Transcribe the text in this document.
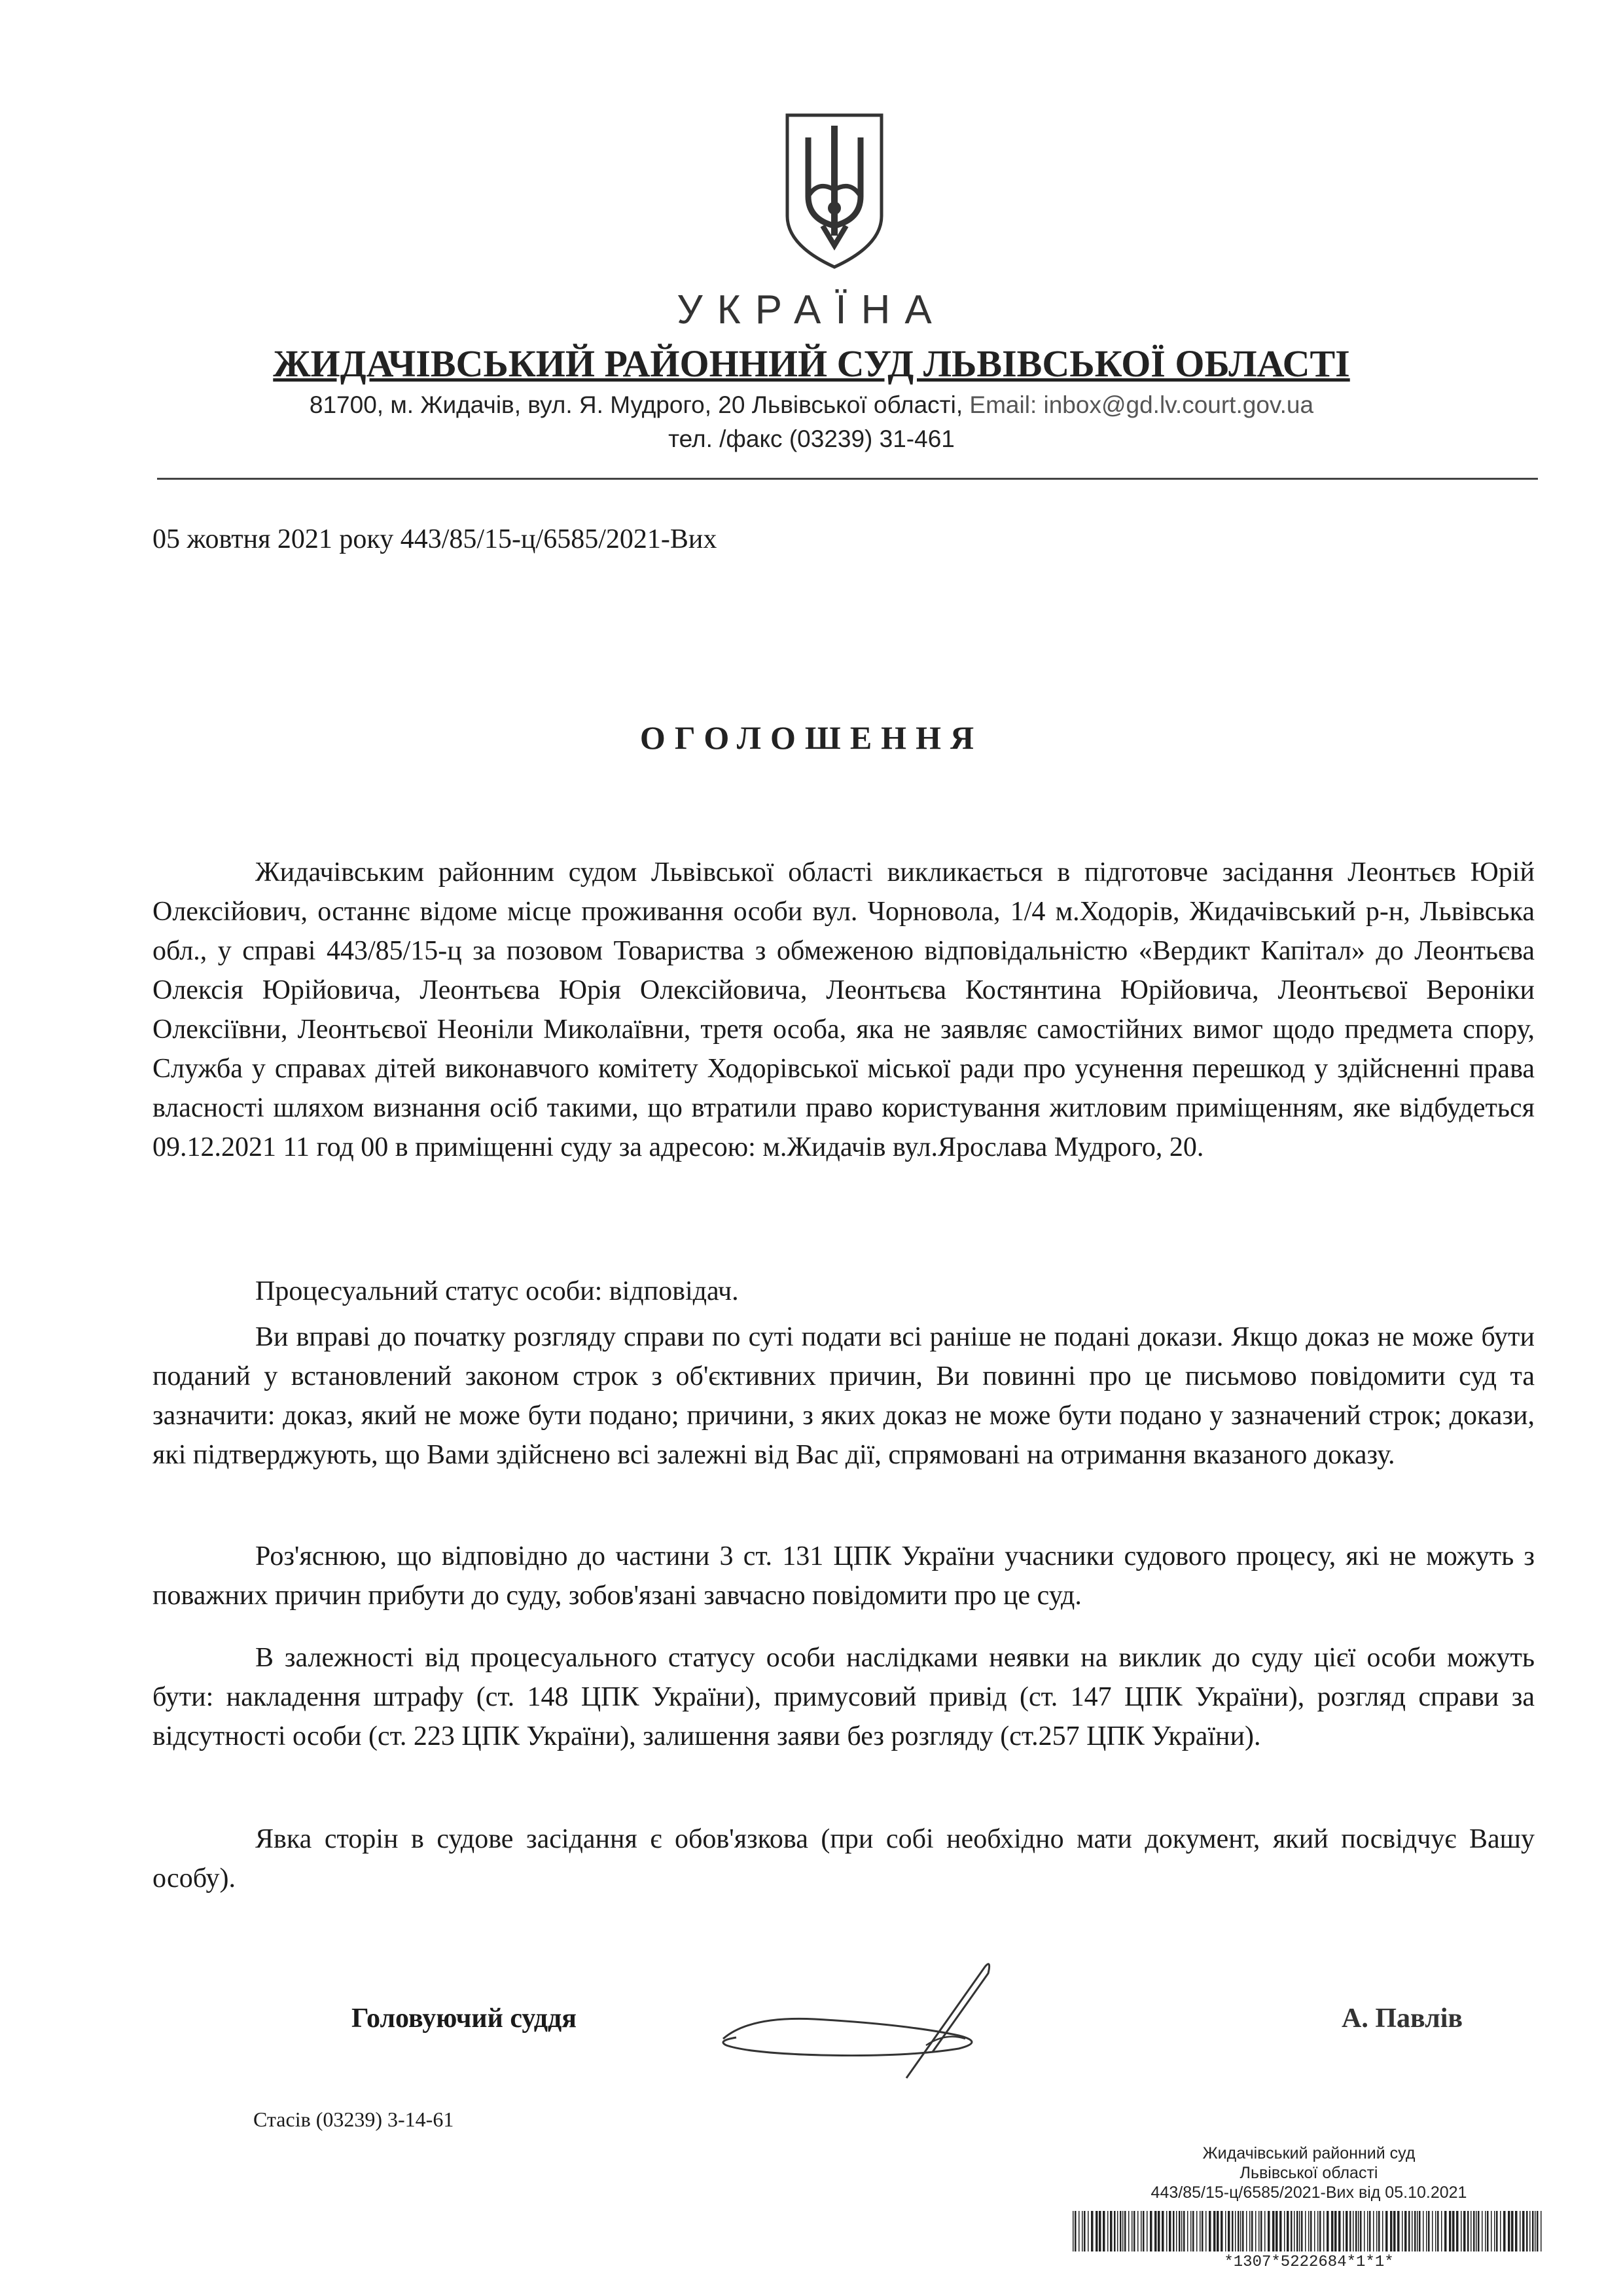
УКРАЇНА
ЖИДАЧІВСЬКИЙ РАЙОННИЙ СУД ЛЬВІВСЬКОЇ ОБЛАСТІ
81700, м. Жидачів, вул. Я. Мудрого, 20 Львівської області, Email: inbox@gd.lv.court.gov.ua
тел. /факс (03239) 31-461
05 жовтня 2021 року 443/85/15-ц/6585/2021-Вих
ОГОЛОШЕННЯ

Жидачівським районним судом Львівської області викликається в підготовче засідання Леонтьєв Юрій Олексійович, останнє відоме місце проживання особи вул. Чорновола, 1/4 м.Ходорів, Жидачівський р-н, Львівська обл., у справі 443/85/15-ц за позовом Товариства з обмеженою відповідальністю «Вердикт Капітал» до Леонтьєва Олексія Юрійовича, Леонтьєва Юрія Олексійовича, Леонтьєва Костянтина Юрійовича, Леонтьєвої Вероніки Олексіївни, Леонтьєвої Неоніли Миколаївни, третя особа, яка не заявляє самостійних вимог щодо предмета спору, Служба у справах дітей виконавчого комітету Ходорівської міської ради про усунення перешкод у здійсненні права власності шляхом визнання осіб такими, що втратили право користування житловим приміщенням, яке відбудеться 09.12.2021 11 год 00 в приміщенні суду за адресою: м.Жидачів вул.Ярослава Мудрого, 20.

Процесуальний статус особи: відповідач.

Ви вправі до початку розгляду справи по суті подати всі раніше не подані докази. Якщо доказ не може бути поданий у встановлений законом строк з об'єктивних причин, Ви повинні про це письмово повідомити суд та зазначити: доказ, який не може бути подано; причини, з яких доказ не може бути подано у зазначений строк; докази, які підтверджують, що Вами здійснено всі залежні від Вас дії, спрямовані на отримання вказаного доказу.

Роз'яснюю, що відповідно до частини 3 ст. 131 ЦПК України учасники судового процесу, які не можуть з поважних причин прибути до суду, зобов'язані завчасно повідомити про це суд.

В залежності від процесуального статусу особи наслідками неявки на виклик до суду цієї особи можуть бути: накладення штрафу (ст. 148 ЦПК України), примусовий привід (ст. 147 ЦПК України), розгляд справи за відсутності особи (ст. 223 ЦПК України), залишення заяви без розгляду (ст.257 ЦПК України).

Явка сторін в судове засідання є обов'язкова (при собі необхідно мати документ, який посвідчує Вашу особу).

Головуючий суддя	А. Павлів
Стасів (03239) 3-14-61
Жидачівський районний суд
Львівської області
443/85/15-ц/6585/2021-Вих від 05.10.2021
*1307*5222684*1*1*
